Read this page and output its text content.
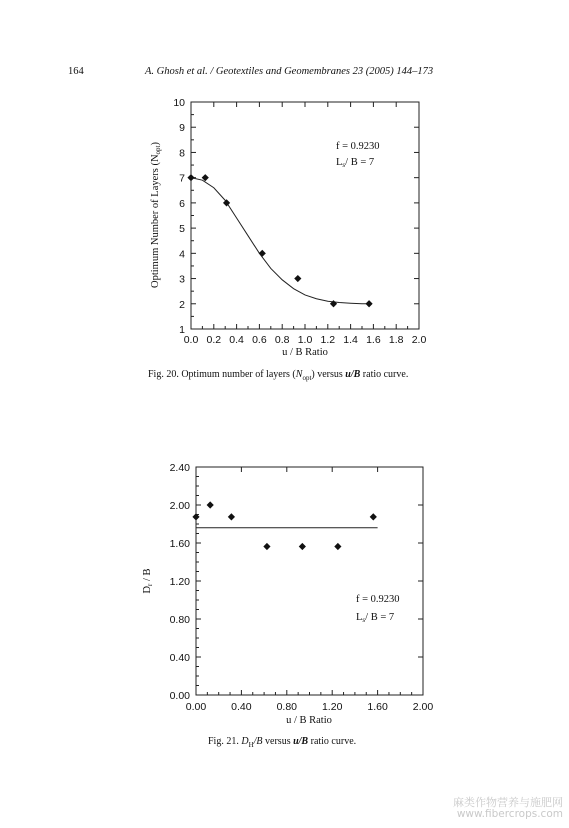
164	A. Ghosh et al. / Geotextiles and Geomembranes 23 (2005) 144–173
0.0 0.2 0.4 0.6 0.8 1.0 1.2 1.4 1.6 1.8 2.0
1
2
3
4
5
6
7
8
9
10
u / B Ratio
Optimum Number of Layers (Nopt)	f = 0.9230
Ls/ B = 7
Fig. 20. Optimum number of layers $(N_{opt})$ versus u/B ratio curve.
0.00 0.40 0.80 1.20 1.60 2.00
0.00
0.40
0.80
1.20
1.60
2.00
2.40
u / B Ratio
Dr / B
f = 0.9230
Ls/ B = 7
Fig. 21. $D_H/B$ versus u/B ratio curve.
麻类作物营养与施肥网
www.fibercrops.com
